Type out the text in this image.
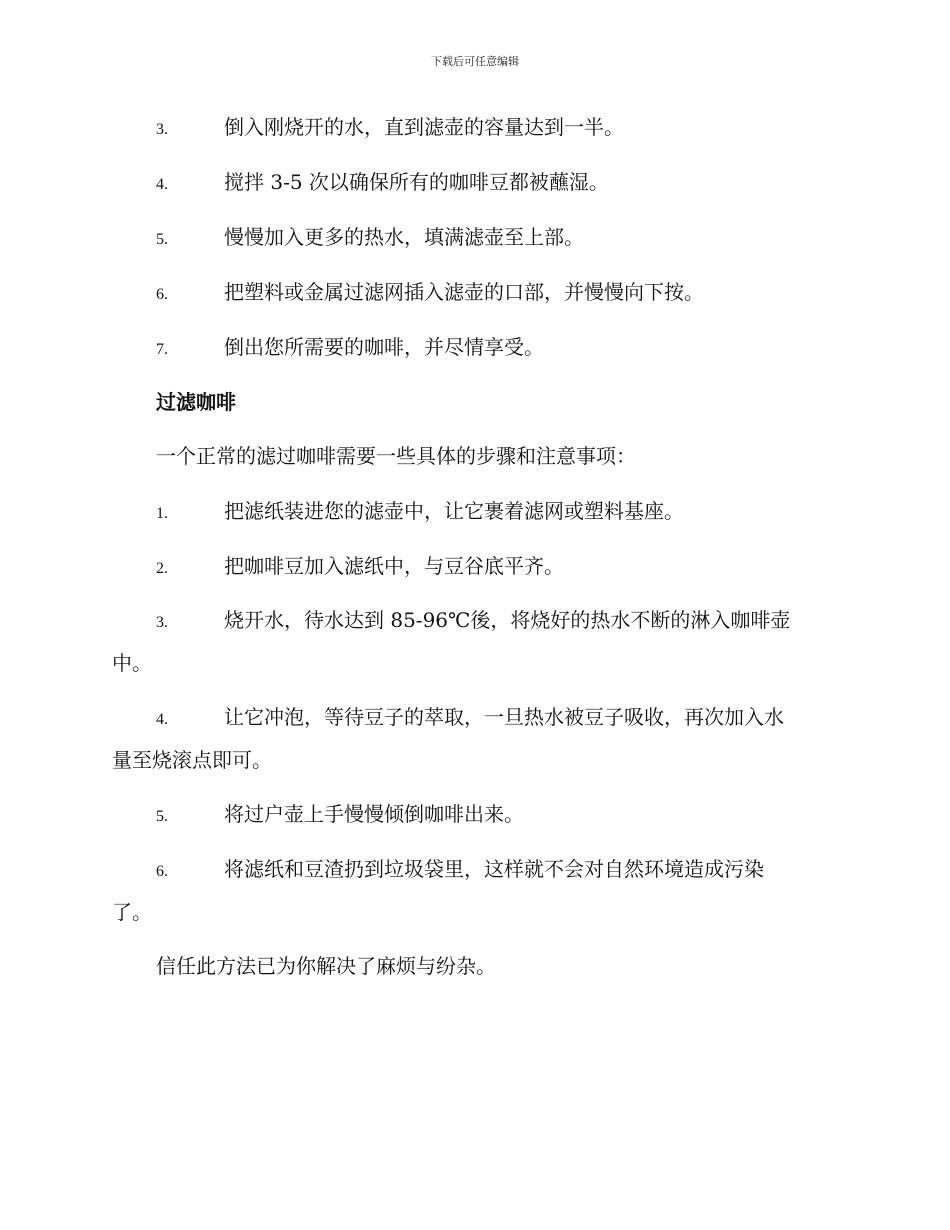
下载后可任意编辑
3.	倒入刚烧开的水，直到滤壶的容量达到一半。
4.	搅拌 3-5 次以确保所有的咖啡豆都被蘸湿。
5.	慢慢加入更多的热水，填满滤壶至上部。
6.	把塑料或金属过滤网插入滤壶的口部，并慢慢向下按。
7.	倒出您所需要的咖啡，并尽情享受。
过滤咖啡
一个正常的滤过咖啡需要一些具体的步骤和注意事项：
1.	把滤纸装进您的滤壶中，让它裹着滤网或塑料基座。
2.	把咖啡豆加入滤纸中，与豆谷底平齐。
3.	烧开水，待水达到 85-96℃後，将烧好的热水不断的淋入咖啡壶
中。
4.	让它冲泡，等待豆子的萃取，一旦热水被豆子吸收，再次加入水
量至烧滚点即可。
5.	将过户壶上手慢慢倾倒咖啡出来。
6.	将滤纸和豆渣扔到垃圾袋里，这样就不会对自然环境造成污染
了。
信任此方法已为你解决了麻烦与纷杂。
